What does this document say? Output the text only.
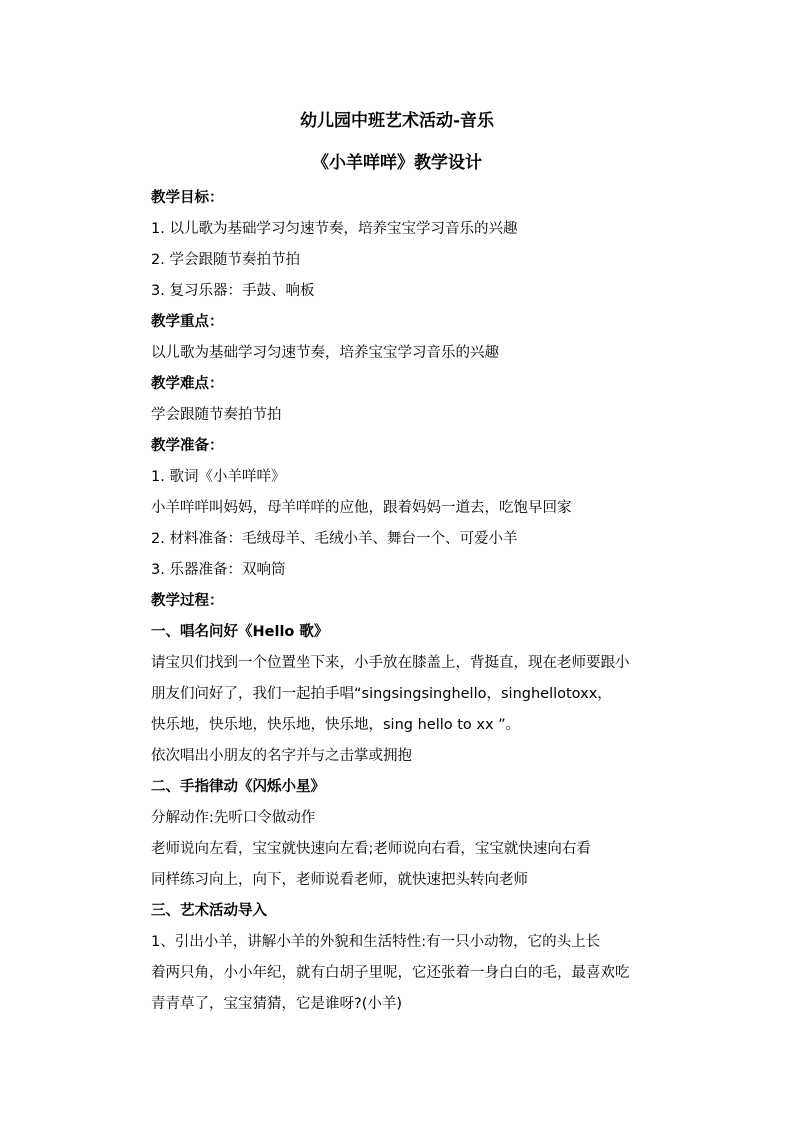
幼儿园中班艺术活动-音乐
《小羊咩咩》教学设计
教学目标：
1. 以儿歌为基础学习匀速节奏，培养宝宝学习音乐的兴趣
2. 学会跟随节奏拍节拍
3. 复习乐器：手鼓、响板
教学重点：
以儿歌为基础学习匀速节奏，培养宝宝学习音乐的兴趣
教学难点：
学会跟随节奏拍节拍
教学准备：
1. 歌词《小羊咩咩》
小羊咩咩叫妈妈，母羊咩咩的应他，跟着妈妈一道去，吃饱早回家
2. 材料准备：毛绒母羊、毛绒小羊、舞台一个、可爱小羊
3. 乐器准备：双响筒
教学过程：
一、唱名问好《Hello 歌》
请宝贝们找到一个位置坐下来，小手放在膝盖上，背挺直，现在老师要跟小
朋友们问好了，我们一起拍手唱“singsingsinghello，singhellotoxx，
快乐地，快乐地，快乐地，快乐地，sing hello to xx ”。
依次唱出小朋友的名字并与之击掌或拥抱
二、手指律动《闪烁小星》
分解动作:先听口令做动作
老师说向左看，宝宝就快速向左看;老师说向右看，宝宝就快速向右看
同样练习向上，向下，老师说看老师，就快速把头转向老师
三、艺术活动导入
1、引出小羊，讲解小羊的外貌和生活特性:有一只小动物，它的头上长
着两只角，小小年纪，就有白胡子里呢，它还张着一身白白的毛，最喜欢吃
青青草了，宝宝猜猜，它是谁呀?(小羊)
